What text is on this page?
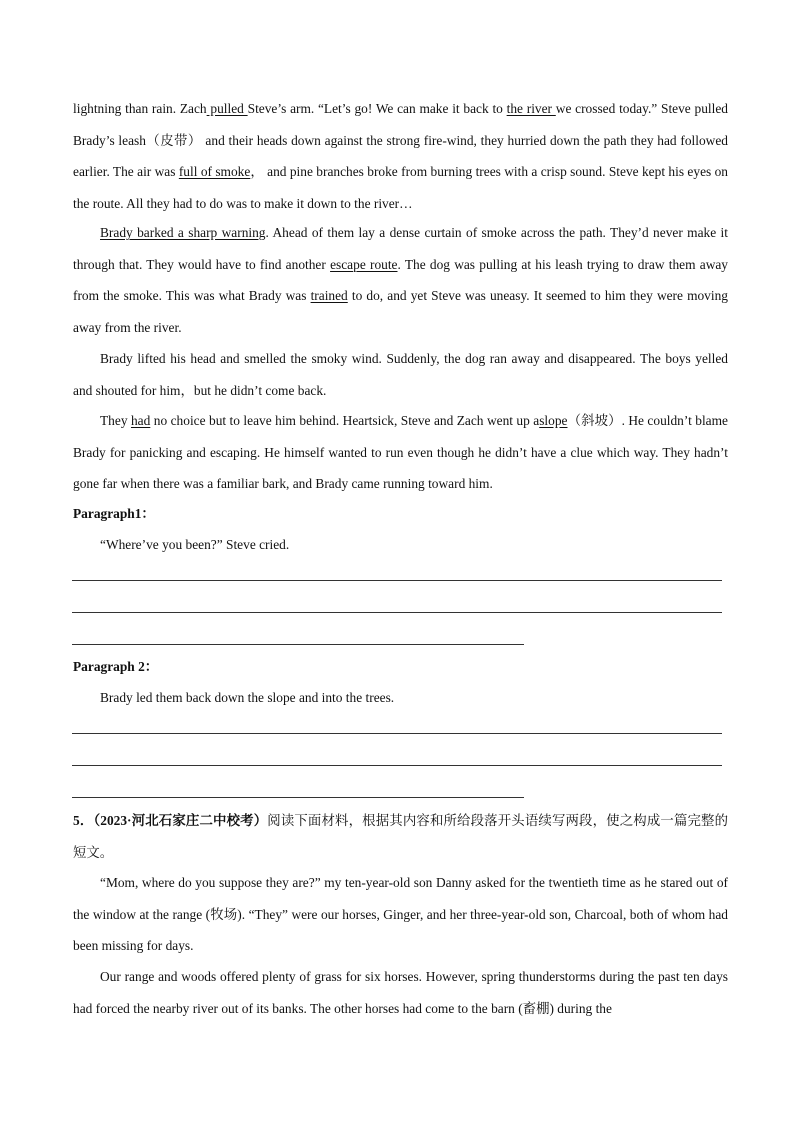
lightning than rain. Zach pulled Steve’s arm. “Let’s go! We can make it back to the river we crossed today.” Steve pulled Brady’s leash（皮带） and their heads down against the strong fire-wind, they hurried down the path they had followed earlier. The air was full of smoke， and pine branches broke from burning trees with a crisp sound. Steve kept his eyes on the route. All they had to do was to make it down to the river…

Brady barked a sharp warning. Ahead of them lay a dense curtain of smoke across the path. They’d never make it through that. They would have to find another escape route. The dog was pulling at his leash trying to draw them away from the smoke. This was what Brady was trained to do, and yet Steve was uneasy. It seemed to him they were moving away from the river.

Brady lifted his head and smelled the smoky wind. Suddenly, the dog ran away and disappeared. The boys yelled and shouted for him，but he didn’t come back.

They had no choice but to leave him behind. Heartsick, Steve and Zach went up aslope（斜坡）. He couldn’t blame Brady for panicking and escaping. He himself wanted to run even though he didn’t have a clue which way. They hadn’t gone far when there was a familiar bark, and Brady came running toward him.

Paragraph1：

“Where’ve you been?” Steve cried.

Paragraph 2：

Brady led them back down the slope and into the trees.

5．（2023·河北石家庄二中校考）阅读下面材料，根据其内容和所给段落开头语续写两段，使之构成一篇完整的短文。

“Mom, where do you suppose they are?” my ten-year-old son Danny asked for the twentieth time as he stared out of the window at the range (牧场). “They” were our horses, Ginger, and her three-year-old son, Charcoal, both of whom had been missing for days.

Our range and woods offered plenty of grass for six horses. However, spring thunderstorms during the past ten days had forced the nearby river out of its banks. The other horses had come to the barn (畜棚) during the
